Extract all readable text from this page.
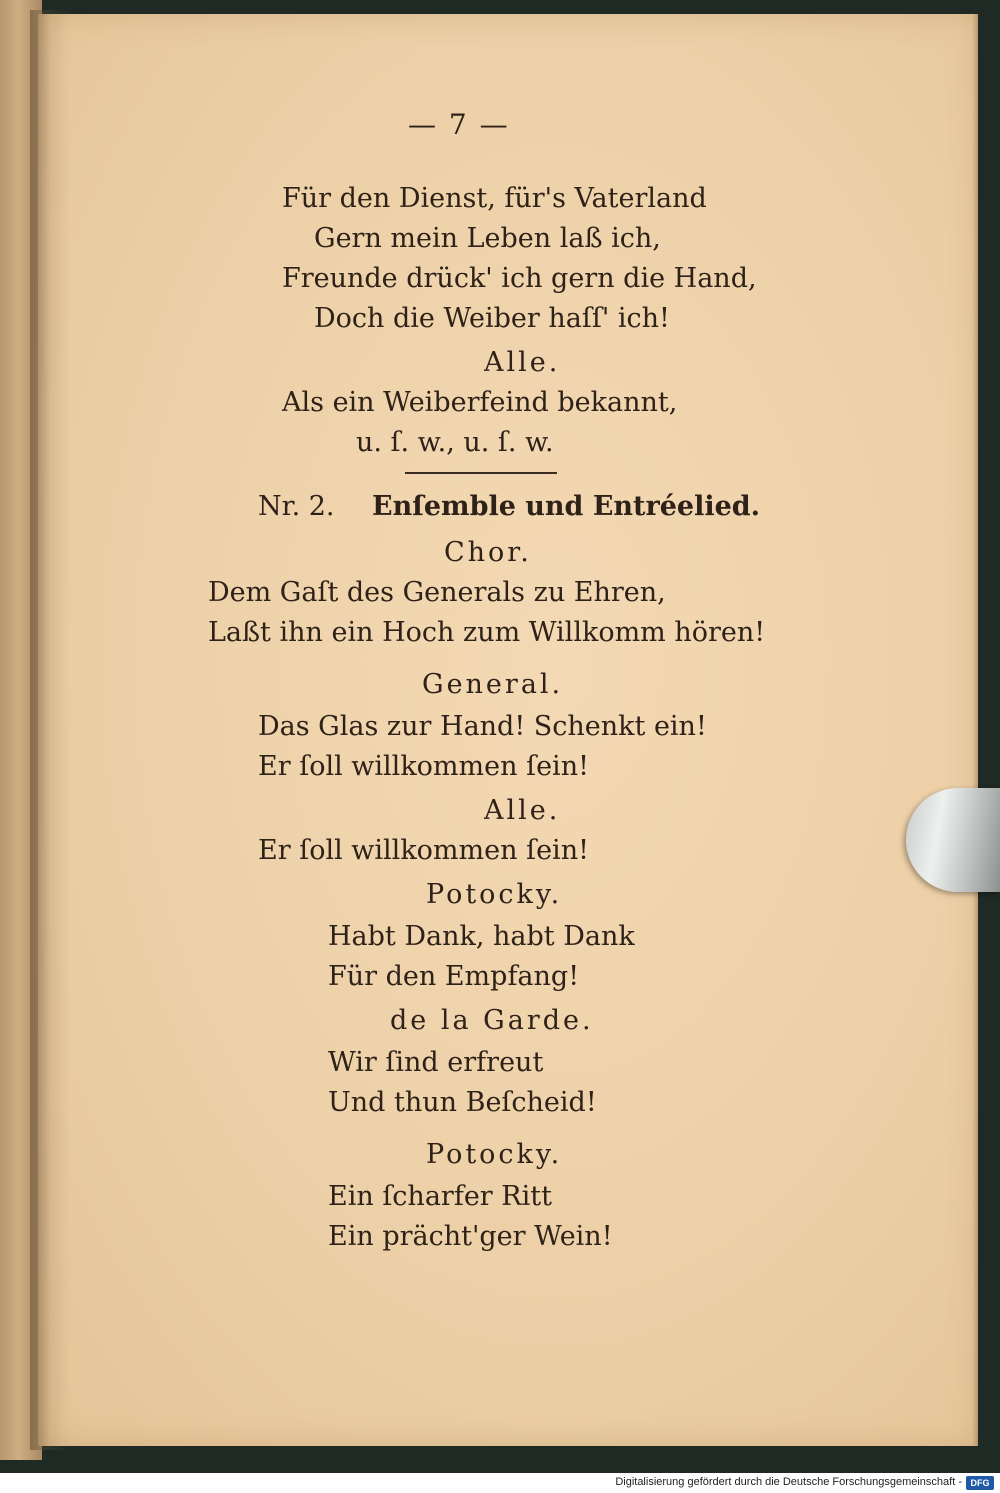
— 7 —
Für den Dienst, für's Vaterland
Gern mein Leben laß ich,
Freunde drück' ich gern die Hand,
Doch die Weiber haſſ' ich!
Alle.
Als ein Weiberfeind bekannt,
u. ſ. w., u. ſ. w.
Nr. 2. Enſemble und Entréelied.
Chor.
Dem Gaſt des Generals zu Ehren,
Laßt ihn ein Hoch zum Willkomm hören!
General.
Das Glas zur Hand! Schenkt ein!
Er ſoll willkommen ſein!
Alle.
Er ſoll willkommen ſein!
Potocky.
Habt Dank, habt Dank
Für den Empfang!
de la Garde.
Wir ſind erfreut
Und thun Beſcheid!
Potocky.
Ein ſcharfer Ritt
Ein prächt'ger Wein!
Digitalisierung gefördert durch die Deutsche Forschungsgemeinschaft - DFG
